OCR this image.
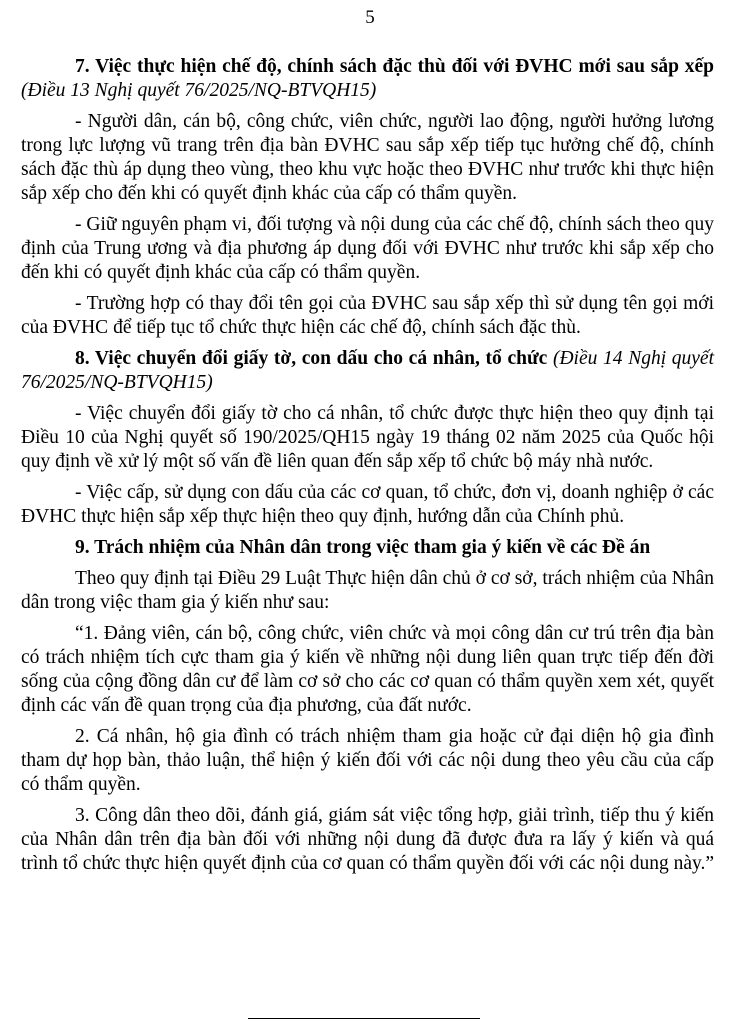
5

7. Việc thực hiện chế độ, chính sách đặc thù đối với ĐVHC mới sau sắp xếp (Điều 13 Nghị quyết 76/2025/NQ-BTVQH15)

- Người dân, cán bộ, công chức, viên chức, người lao động, người hưởng lương trong lực lượng vũ trang trên địa bàn ĐVHC sau sắp xếp tiếp tục hưởng chế độ, chính sách đặc thù áp dụng theo vùng, theo khu vực hoặc theo ĐVHC như trước khi thực hiện sắp xếp cho đến khi có quyết định khác của cấp có thẩm quyền.

- Giữ nguyên phạm vi, đối tượng và nội dung của các chế độ, chính sách theo quy định của Trung ương và địa phương áp dụng đối với ĐVHC như trước khi sắp xếp cho đến khi có quyết định khác của cấp có thẩm quyền.

- Trường hợp có thay đổi tên gọi của ĐVHC sau sắp xếp thì sử dụng tên gọi mới của ĐVHC để tiếp tục tổ chức thực hiện các chế độ, chính sách đặc thù.

8. Việc chuyển đổi giấy tờ, con dấu cho cá nhân, tổ chức (Điều 14 Nghị quyết 76/2025/NQ-BTVQH15)

- Việc chuyển đổi giấy tờ cho cá nhân, tổ chức được thực hiện theo quy định tại Điều 10 của Nghị quyết số 190/2025/QH15 ngày 19 tháng 02 năm 2025 của Quốc hội quy định về xử lý một số vấn đề liên quan đến sắp xếp tổ chức bộ máy nhà nước.

- Việc cấp, sử dụng con dấu của các cơ quan, tổ chức, đơn vị, doanh nghiệp ở các ĐVHC thực hiện sắp xếp thực hiện theo quy định, hướng dẫn của Chính phủ.

9. Trách nhiệm của Nhân dân trong việc tham gia ý kiến về các Đề án

Theo quy định tại Điều 29 Luật Thực hiện dân chủ ở cơ sở, trách nhiệm của Nhân dân trong việc tham gia ý kiến như sau:

“1. Đảng viên, cán bộ, công chức, viên chức và mọi công dân cư trú trên địa bàn có trách nhiệm tích cực tham gia ý kiến về những nội dung liên quan trực tiếp đến đời sống của cộng đồng dân cư để làm cơ sở cho các cơ quan có thẩm quyền xem xét, quyết định các vấn đề quan trọng của địa phương, của đất nước.

2. Cá nhân, hộ gia đình có trách nhiệm tham gia hoặc cử đại diện hộ gia đình tham dự họp bàn, thảo luận, thể hiện ý kiến đối với các nội dung theo yêu cầu của cấp có thẩm quyền.

3. Công dân theo dõi, đánh giá, giám sát việc tổng hợp, giải trình, tiếp thu ý kiến của Nhân dân trên địa bàn đối với những nội dung đã được đưa ra lấy ý kiến và quá trình tổ chức thực hiện quyết định của cơ quan có thẩm quyền đối với các nội dung này.”
